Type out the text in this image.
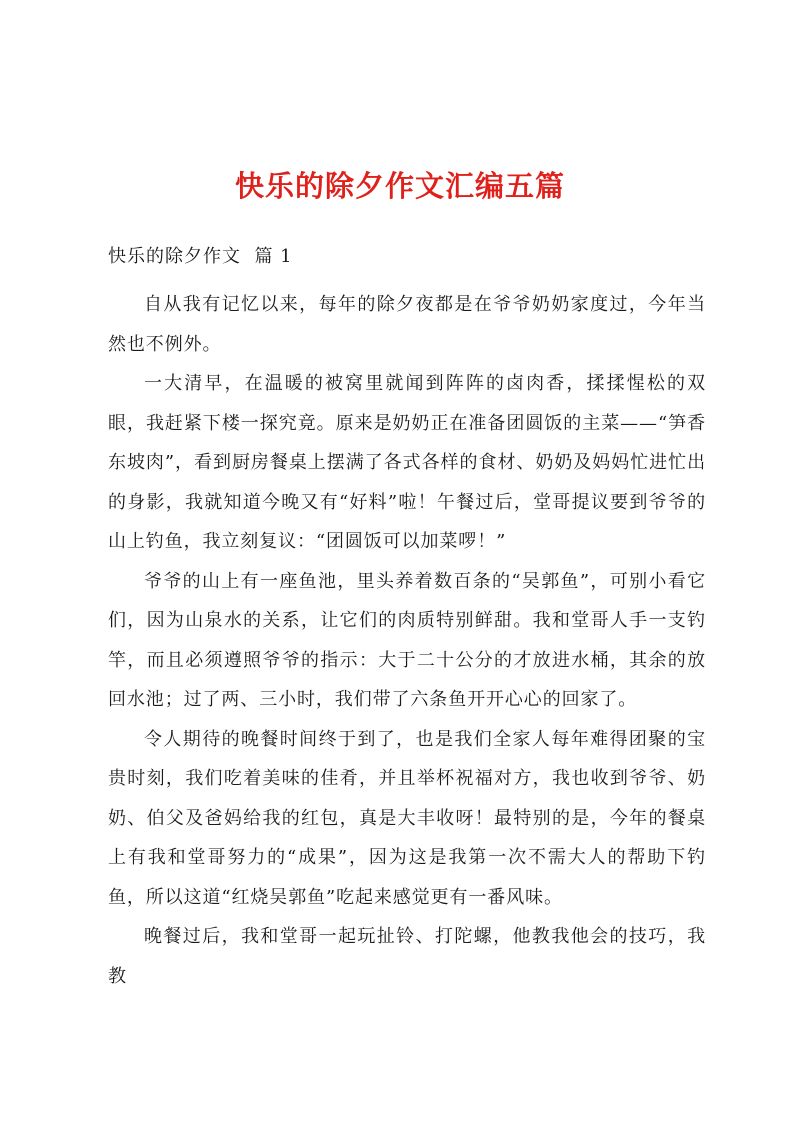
快乐的除夕作文汇编五篇
快乐的除夕作文  篇 1

自从我有记忆以来，每年的除夕夜都是在爷爷奶奶家度过，今年当然也不例外。

一大清早，在温暖的被窝里就闻到阵阵的卤肉香，揉揉惺松的双眼，我赶紧下楼一探究竟。原来是奶奶正在准备团圆饭的主菜——“笋香东坡肉”，看到厨房餐桌上摆满了各式各样的食材、奶奶及妈妈忙进忙出的身影，我就知道今晚又有“好料”啦！午餐过后，堂哥提议要到爷爷的山上钓鱼，我立刻复议：“团圆饭可以加菜啰！”

爷爷的山上有一座鱼池，里头养着数百条的“吴郭鱼”，可别小看它们，因为山泉水的关系，让它们的肉质特别鲜甜。我和堂哥人手一支钓竿，而且必须遵照爷爷的指示：大于二十公分的才放进水桶，其余的放回水池；过了两、三小时，我们带了六条鱼开开心心的回家了。

令人期待的晚餐时间终于到了，也是我们全家人每年难得团聚的宝贵时刻，我们吃着美味的佳肴，并且举杯祝福对方，我也收到爷爷、奶奶、伯父及爸妈给我的红包，真是大丰收呀！最特别的是，今年的餐桌上有我和堂哥努力的“成果”，因为这是我第一次不需大人的帮助下钓鱼，所以这道“红烧吴郭鱼”吃起来感觉更有一番风味。

晚餐过后，我和堂哥一起玩扯铃、打陀螺，他教我他会的技巧，我教
